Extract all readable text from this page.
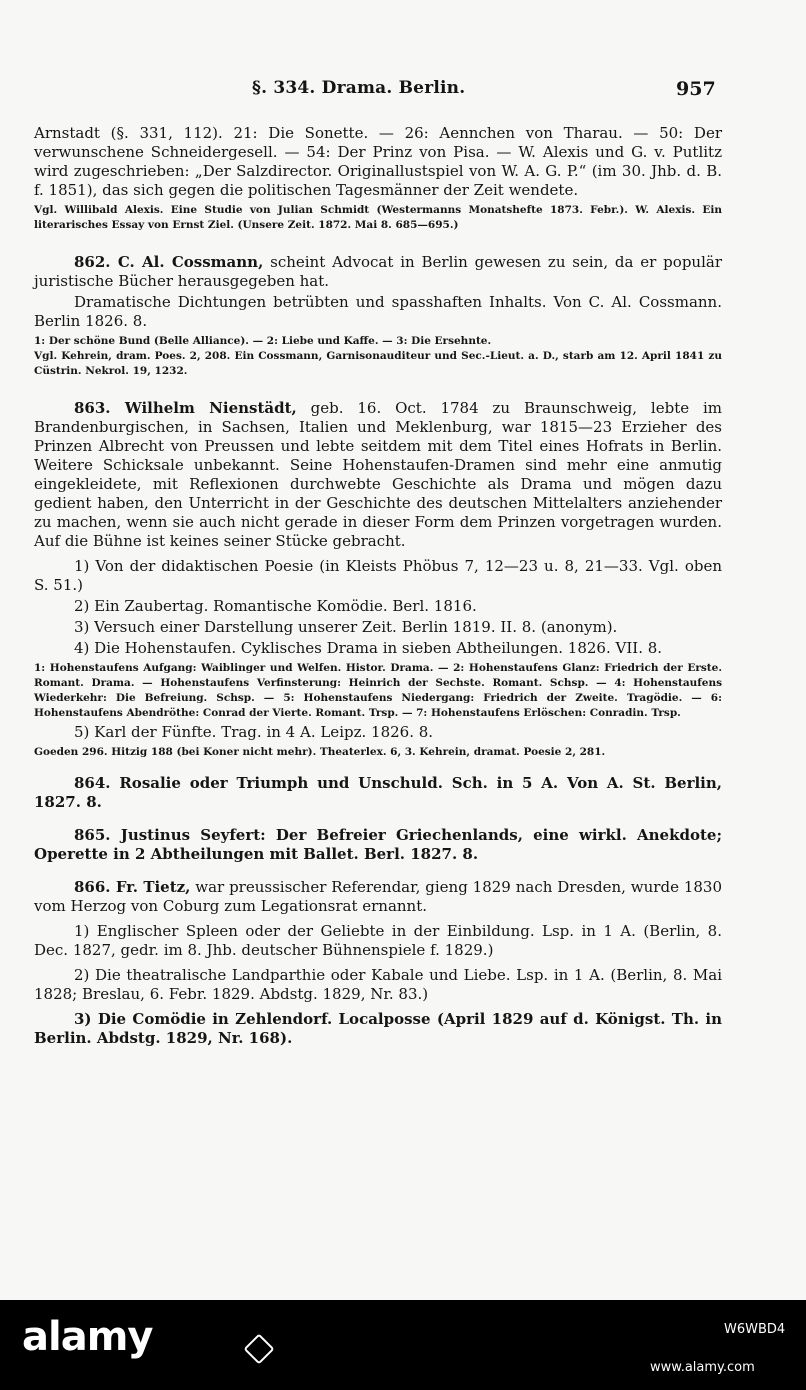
§. 334. Drama. Berlin.	957

Arnstadt (§. 331, 112). 21: Die Sonette. — 26: Aennchen von Tharau. — 50: Der verwunschene Schneidergesell. — 54: Der Prinz von Pisa. — W. Alexis und G. v. Putlitz wird zugeschrieben: „Der Salzdirector. Originallustspiel von W. A. G. P.“ (im 30. Jhb. d. B. f. 1851), das sich gegen die politischen Tagesmänner der Zeit wendete.

Vgl. Willibald Alexis. Eine Studie von Julian Schmidt (Westermanns Monatshefte 1873. Febr.). W. Alexis. Ein literarisches Essay von Ernst Ziel. (Unsere Zeit. 1872. Mai 8. 685—695.)

862. C. Al. Cossmann, scheint Advocat in Berlin gewesen zu sein, da er populär juristische Bücher herausgegeben hat.

Dramatische Dichtungen betrübten und spasshaften Inhalts. Von C. Al. Cossmann. Berlin 1826. 8.

1: Der schöne Bund (Belle Alliance). — 2: Liebe und Kaffe. — 3: Die Ersehnte.

Vgl. Kehrein, dram. Poes. 2, 208. Ein Cossmann, Garnisonauditeur und Sec.-Lieut. a. D., starb am 12. April 1841 zu Cüstrin. Nekrol. 19, 1232.

863. Wilhelm Nienstädt, geb. 16. Oct. 1784 zu Braunschweig, lebte im Brandenburgischen, in Sachsen, Italien und Meklenburg, war 1815—23 Erzieher des Prinzen Albrecht von Preussen und lebte seitdem mit dem Titel eines Hofrats in Berlin. Weitere Schicksale unbekannt. Seine Hohenstaufen-Dramen sind mehr eine anmutig eingekleidete, mit Reflexionen durchwebte Geschichte als Drama und mögen dazu gedient haben, den Unterricht in der Geschichte des deutschen Mittelalters anziehender zu machen, wenn sie auch nicht gerade in dieser Form dem Prinzen vorgetragen wurden. Auf die Bühne ist keines seiner Stücke gebracht.

1) Von der didaktischen Poesie (in Kleists Phöbus 7, 12—23 u. 8, 21—33. Vgl. oben S. 51.)

2) Ein Zaubertag. Romantische Komödie. Berl. 1816.

3) Versuch einer Darstellung unserer Zeit. Berlin 1819. II. 8. (anonym).

4) Die Hohenstaufen. Cyklisches Drama in sieben Abtheilungen. 1826. VII. 8.

1: Hohenstaufens Aufgang: Waiblinger und Welfen. Histor. Drama. — 2: Hohenstaufens Glanz: Friedrich der Erste. Romant. Drama. — Hohenstaufens Verfinsterung: Heinrich der Sechste. Romant. Schsp. — 4: Hohenstaufens Wiederkehr: Die Befreiung. Schsp. — 5: Hohenstaufens Niedergang: Friedrich der Zweite. Tragödie. — 6: Hohenstaufens Abendröthe: Conrad der Vierte. Romant. Trsp. — 7: Hohenstaufens Erlöschen: Conradin. Trsp.

5) Karl der Fünfte. Trag. in 4 A. Leipz. 1826. 8.

Goeden 296. Hitzig 188 (bei Koner nicht mehr). Theaterlex. 6, 3. Kehrein, dramat. Poesie 2, 281.

864. Rosalie oder Triumph und Unschuld. Sch. in 5 A. Von A. St. Berlin, 1827. 8.

865. Justinus Seyfert: Der Befreier Griechenlands, eine wirkl. Anekdote; Operette in 2 Abtheilungen mit Ballet. Berl. 1827. 8.

866. Fr. Tietz, war preussischer Referendar, gieng 1829 nach Dresden, wurde 1830 vom Herzog von Coburg zum Legationsrat ernannt.

1) Englischer Spleen oder der Geliebte in der Einbildung. Lsp. in 1 A. (Berlin, 8. Dec. 1827, gedr. im 8. Jhb. deutscher Bühnenspiele f. 1829.)

2) Die theatralische Landparthie oder Kabale und Liebe. Lsp. in 1 A. (Berlin, 8. Mai 1828; Breslau, 6. Febr. 1829. Abdstg. 1829, Nr. 83.)

3) Die Comödie in Zehlendorf. Localposse (April 1829 auf d. Königst. Th. in Berlin. Abdstg. 1829, Nr. 168).

alamy	W6WBD4
www.alamy.com
